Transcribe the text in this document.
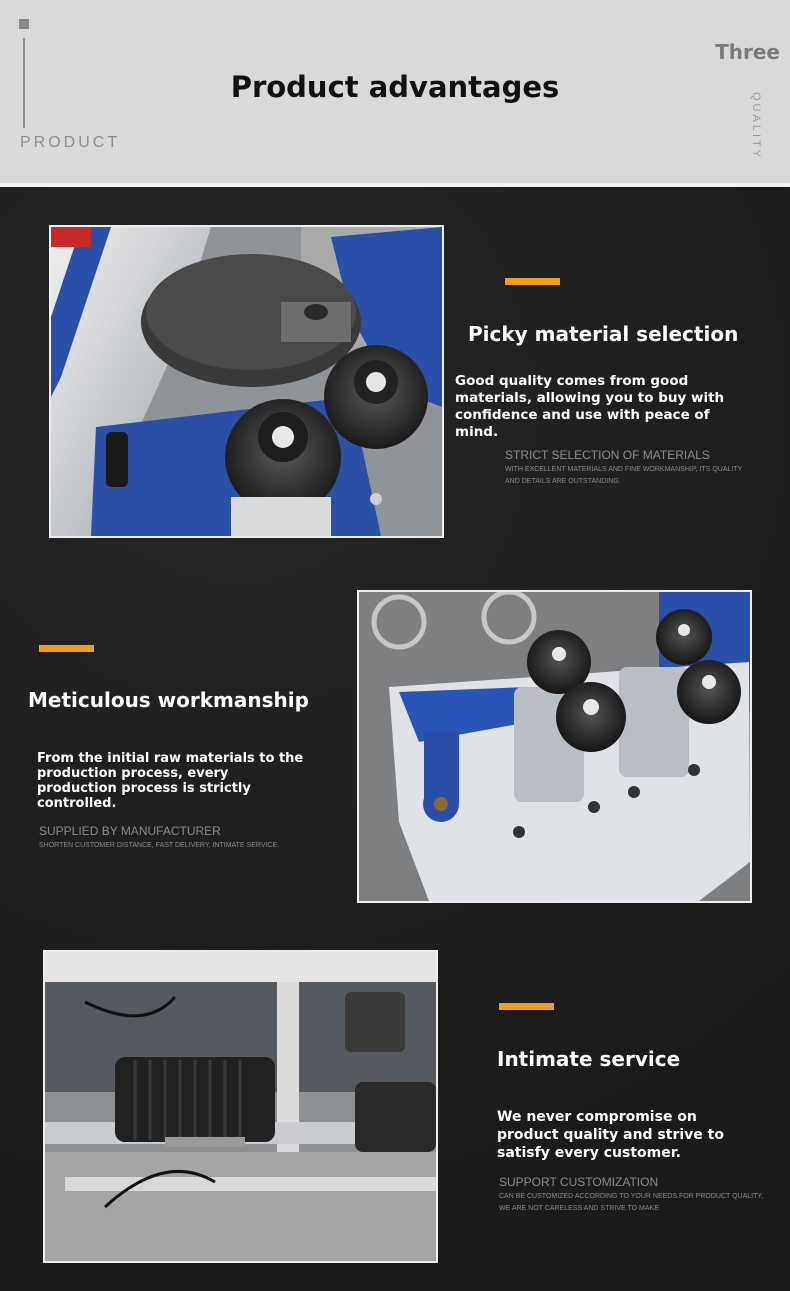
PRODUCT
Product advantages
Three
QUALITY
Picky material selection
Good quality comes from good materials, allowing you to buy with confidence and use with peace of mind.
STRICT SELECTION OF MATERIALS
WITH EXCELLENT MATERIALS AND FINE WORKMANSHIP, ITS QUALITY AND DETAILS ARE OUTSTANDING.
Meticulous workmanship
From the initial raw materials to the production process, every production process is strictly controlled.
SUPPLIED BY MANUFACTURER
SHORTEN CUSTOMER DISTANCE, FAST DELIVERY, INTIMATE SERVICE.
Intimate service
We never compromise on product quality and strive to satisfy every customer.
SUPPORT CUSTOMIZATION
CAN BE CUSTOMIZED ACCORDING TO YOUR NEEDS.FOR PRODUCT QUALITY, WE ARE NOT CARELESS AND STRIVE TO MAKE
